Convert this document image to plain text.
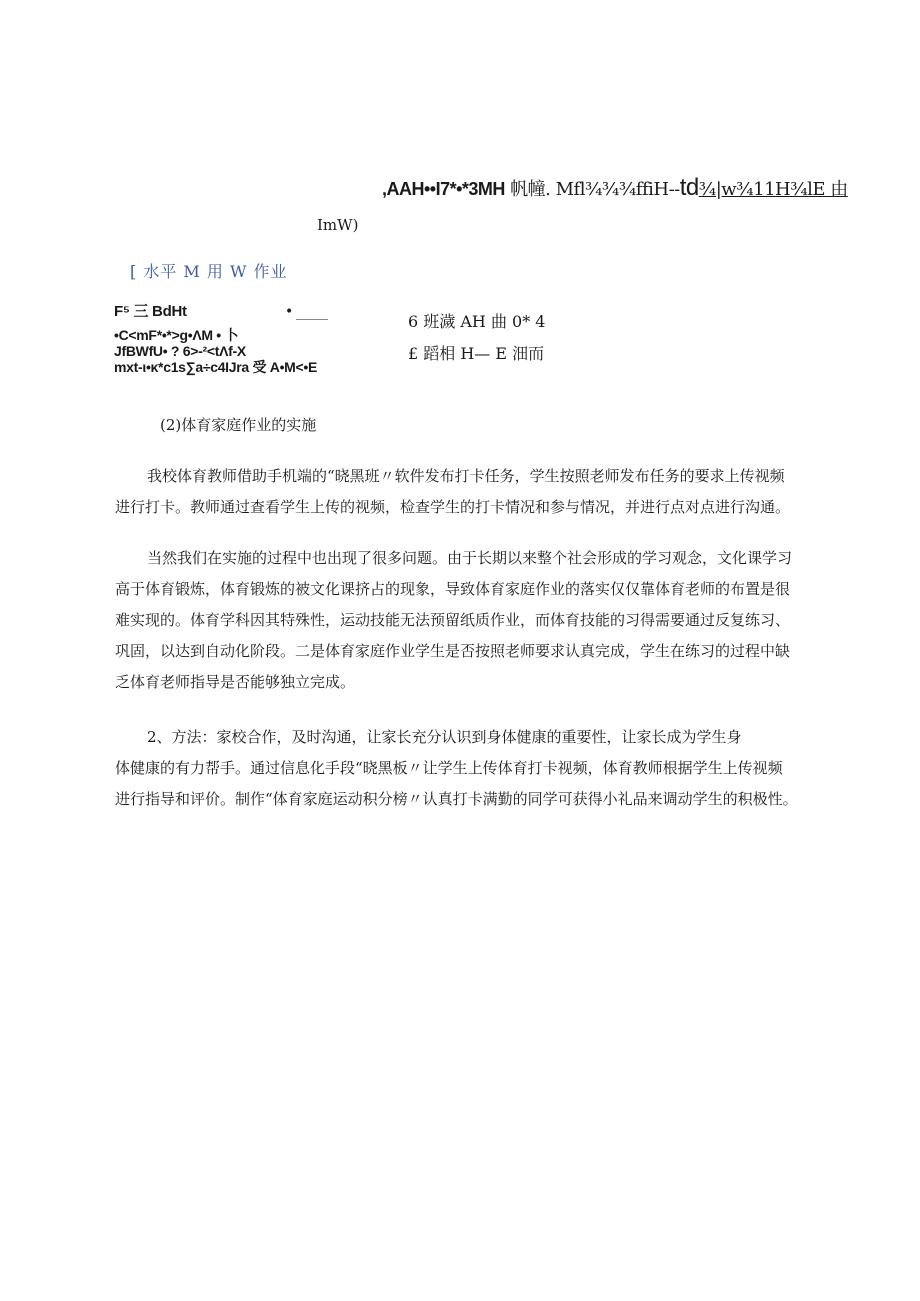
,AAH••I7*•*3MH 帆幢. Mfl¾¾¾ffiH--td¾|w¾11H¾lE 由
ImW)
[ 水平 M 用 W 作业
F⁵ 三 BdHt
•C<mF*•*>g•ΛM • 卜
JfBWfU• ? 6>-²<tΛf-X
mxt-ι•κ*c1s∑a÷c4IJra 受 A•M<•E
•	6 班濊 AH 曲 0* 4
£ 蹈相 H— E 沺而
(2)体育家庭作业的实施
我校体育教师借助手机端的“晓黑班〃软件发布打卡任务，学生按照老师发布任务的要求上传视频
进行打卡。教师通过查看学生上传的视频，检查学生的打卡情况和参与情况，并进行点对点进行沟通。
当然我们在实施的过程中也出现了很多问题。由于长期以来整个社会形成的学习观念，文化课学习
高于体育锻炼，体育锻炼的被文化课挤占的现象，导致体育家庭作业的落实仅仅靠体育老师的布置是很
难实现的。体育学科因其特殊性，运动技能无法预留纸质作业，而体育技能的习得需要通过反复练习、
巩固，以达到自动化阶段。二是体育家庭作业学生是否按照老师要求认真完成，学生在练习的过程中缺
乏体育老师指导是否能够独立完成。
2、方法：家校合作，及时沟通，让家长充分认识到身体健康的重要性，让家长成为学生身
体健康的有力帮手。通过信息化手段“晓黑板〃让学生上传体育打卡视频，体育教师根据学生上传视频
进行指导和评价。制作“体育家庭运动积分榜〃认真打卡满勤的同学可获得小礼品来调动学生的积极性。
